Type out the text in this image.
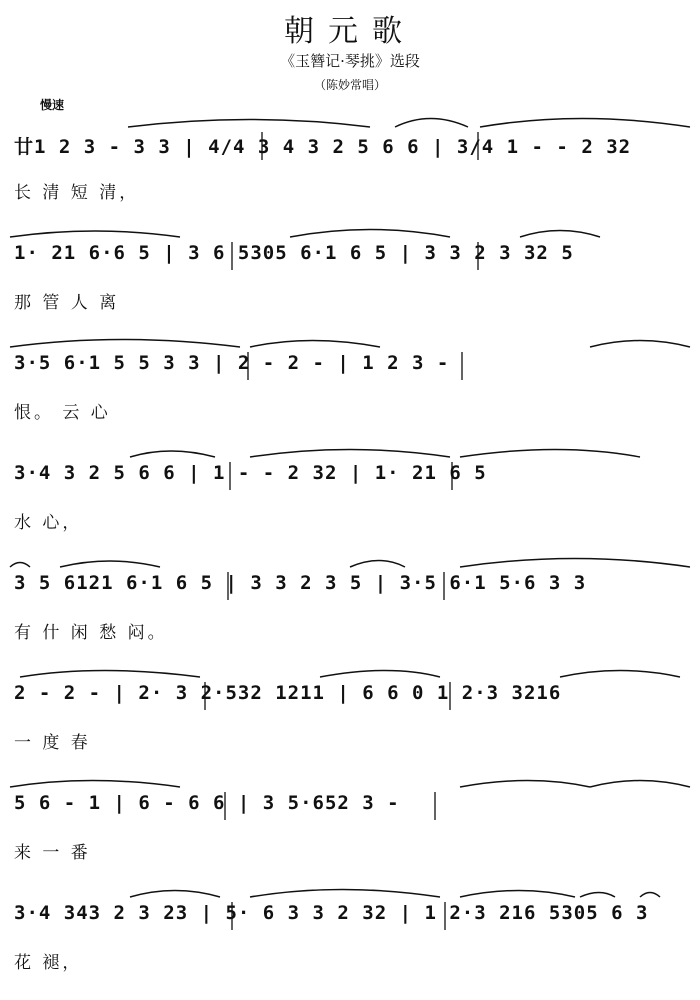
朝元歌
《玉簪记·琴挑》选段
（陈妙常唱）
慢速
廿1 2 3 - 3 3 | 4/4 3 4 3 2 5 6 6 | 3/4 1 - - 2 32
长 清 短 清，
1· 21 6·6 5 | 3 6 5305 6·1 6 5 | 3 3 2 3 32 5
那 管 人 离
3·5 6·1 5 5 3 3 | 2 - 2 - | 1 2 3 -
恨。 云 心
3·4 3 2 5 6 6 | 1 - - 2 32 | 1· 21 6 5
水 心，
3 5 6121 6·1 6 5 | 3 3 2 3 5 | 3·5 6·1 5·6 3 3
有 什 闲 愁 闷。
2 - 2 - | 2· 3 2·532 1211 | 6 6 0 1 2·3 3216
一 度 春
5 6 - 1 | 6 - 6 6 | 3 5·652 3 -
来 一 番
3·4 343 2 3 23 | 5· 6 3 3 2 32 | 1 2·3 216 5305 6 3
花 褪，
